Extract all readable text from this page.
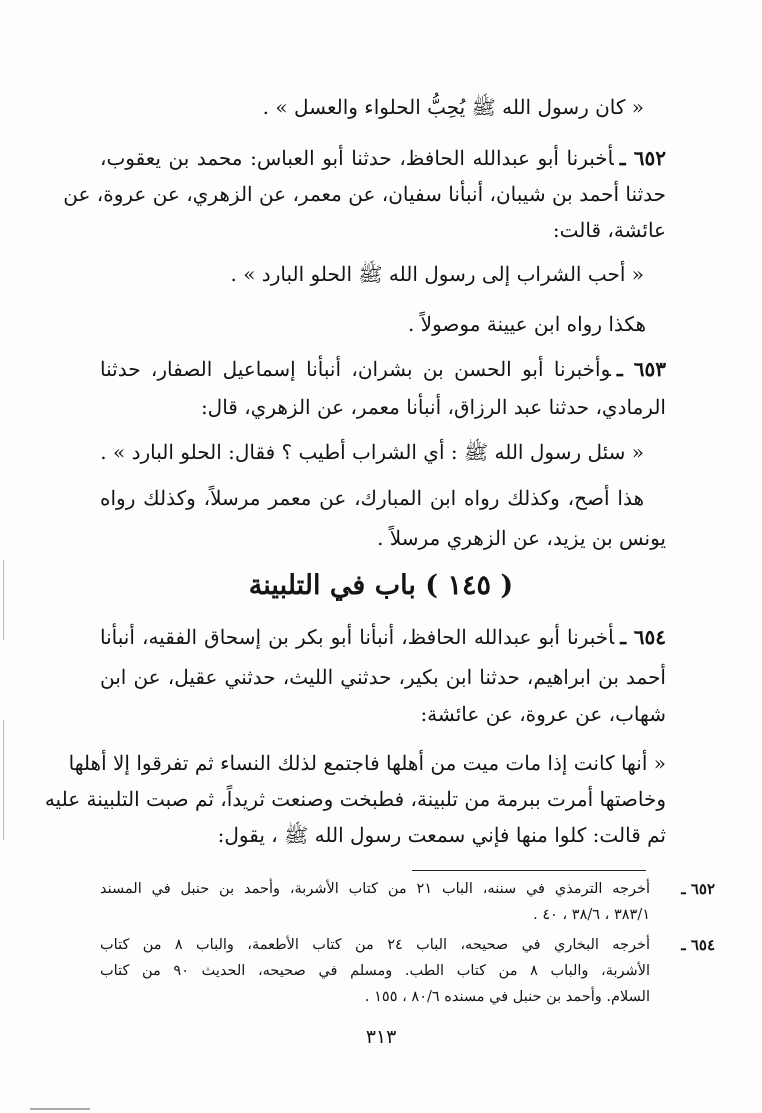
« كان رسول الله ﷺ يُحِبُّ الحلواء والعسل » .
٦٥٢ ـأخبرنا أبو عبدالله الحافظ، حدثنا أبو العباس: محمد بن يعقوب،
حدثنا أحمد بن شيبان، أنبأنا سفيان، عن معمر، عن الزهري، عن عروة، عن
عائشة، قالت:
« أحب الشراب إلى رسول الله ﷺ الحلو البارد » .
هكذا رواه ابن عيينة موصولاً .
٦٥٣ ـوأخبرنا أبو الحسن بن بشران، أنبأنا إسماعيل الصفار، حدثنا
الرمادي، حدثنا عبد الرزاق، أنبأنا معمر، عن الزهري، قال:
« سئل رسول الله ﷺ : أي الشراب أطيب ؟ فقال: الحلو البارد » .
هذا أصح، وكذلك رواه ابن المبارك، عن معمر مرسلاً، وكذلك رواه
يونس بن يزيد، عن الزهري مرسلاً .
( ١٤٥ ) باب في التلبينة
٦٥٤ ـأخبرنا أبو عبدالله الحافظ، أنبأنا أبو بكر بن إسحاق الفقيه، أنبأنا
أحمد بن ابراهيم، حدثنا ابن بكير، حدثني الليث، حدثني عقيل، عن ابن
شهاب، عن عروة، عن عائشة:
« أنها كانت إذا مات ميت من أهلها فاجتمع لذلك النساء ثم تفرقوا إلا أهلها
وخاصتها أمرت ببرمة من تلبينة، فطبخت وصنعت ثريداً، ثم صبت التلبينة عليه
ثم قالت: كلوا منها فإني سمعت رسول الله ﷺ ، يقول:
٦٥٢ ـ
أخرجه الترمذي في سننه، الباب ٢١ من كتاب الأشربة، وأحمد بن حنبل في المسند
٣٨٣/١ ، ٣٨/٦ ، ٤٠ .
٦٥٤ ـ
أخرجه البخاري في صحيحه، الباب ٢٤ من كتاب الأطعمة، والباب ٨ من كتاب
الأشربة، والباب ٨ من كتاب الطب. ومسلم في صحيحه، الحديث ٩٠ من كتاب
السلام. وأحمد بن حنبل في مسنده ٨٠/٦ ، ١٥٥ .
٣١٣
